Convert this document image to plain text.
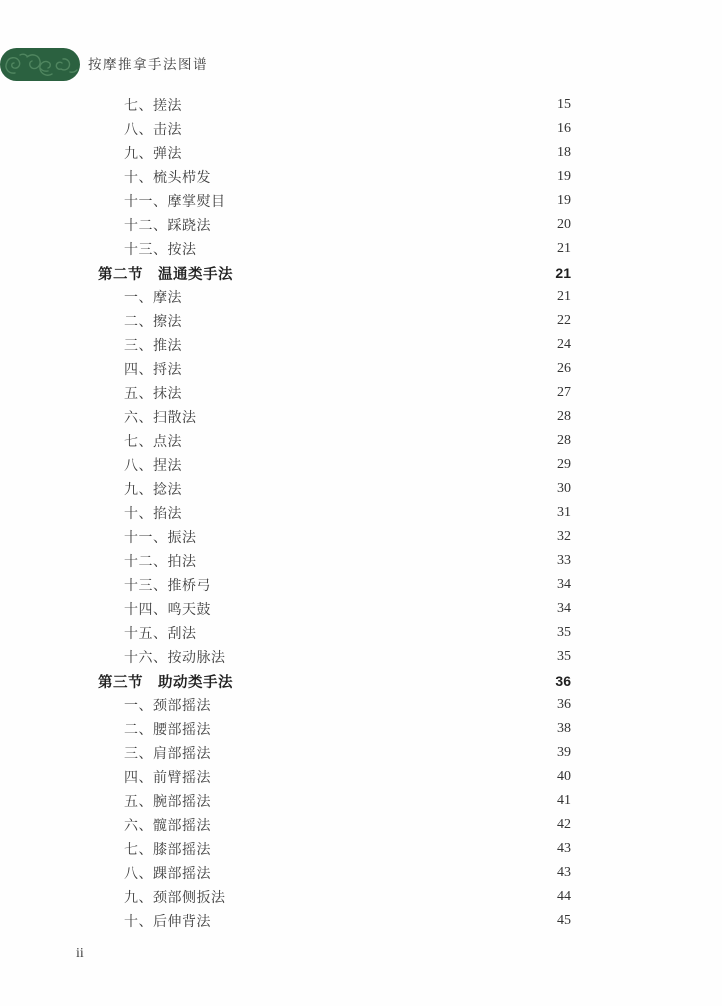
按摩推拿手法图谱
七、搓法	15
八、击法	16
九、弹法	18
十、梳头栉发	19
十一、摩掌熨目	19
十二、踩跷法	20
十三、按法	21
第二节　温通类手法	21
一、摩法	21
二、擦法	22
三、推法	24
四、捋法	26
五、抹法	27
六、扫散法	28
七、点法	28
八、捏法	29
九、捻法	30
十、掐法	31
十一、振法	32
十二、拍法	33
十三、推桥弓	34
十四、鸣天鼓	34
十五、刮法	35
十六、按动脉法	35
第三节　助动类手法	36
一、颈部摇法	36
二、腰部摇法	38
三、肩部摇法	39
四、前臂摇法	40
五、腕部摇法	41
六、髋部摇法	42
七、膝部摇法	43
八、踝部摇法	43
九、颈部侧扳法	44
十、后伸背法	45
ii
